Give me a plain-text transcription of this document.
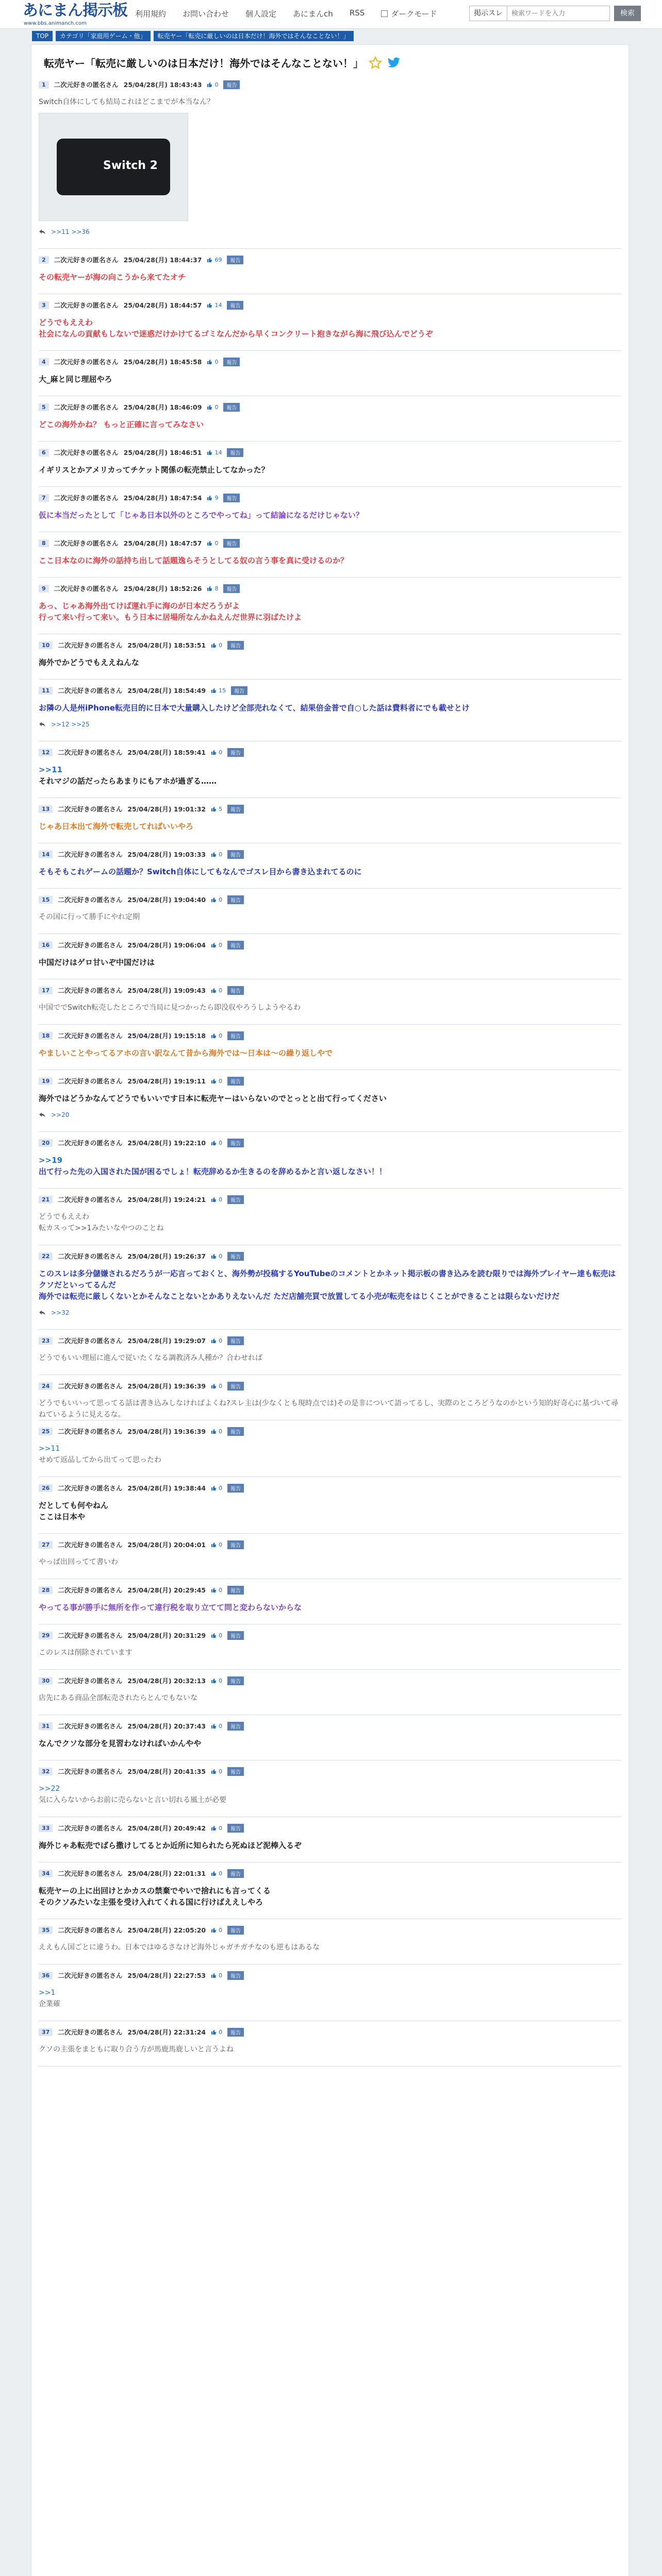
あにまん掲示板
www.bbs.animanch.com
利用規約 お問い合わせ 個人設定 あにまんch RSS	ダークモード	掲示スレ
検索ワードを入力	検索
TOP	カテゴリ「家庭用ゲーム・他」	転売ヤー「転売に厳しいのは日本だけ！海外ではそんなことない！」
転売ヤー「転売に厳しいのは日本だけ！海外ではそんなことない！」
1	二次元好きの匿名さん 25/04/28(月) 18:43:43 0	報告
Switch自体にしても結局これはどこまでが本当なん？
Switch 2
>>11 >>36
2	二次元好きの匿名さん 25/04/28(月) 18:44:37 69	報告
その転売ヤーが海の向こうから来てたオチ
3	二次元好きの匿名さん 25/04/28(月) 18:44:57 14	報告
どうでもええわ
社会になんの貢献もしないで迷惑だけかけてるゴミなんだから早くコンクリート抱きながら海に飛び込んでどうぞ
4	二次元好きの匿名さん 25/04/28(月) 18:45:58 0	報告
大_麻と同じ理屈やろ
5	二次元好きの匿名さん 25/04/28(月) 18:46:09 0	報告
どこの海外かね？ もっと正確に言ってみなさい
6	二次元好きの匿名さん 25/04/28(月) 18:46:51 14	報告
イギリスとかアメリカってチケット関係の転売禁止してなかった？
7	二次元好きの匿名さん 25/04/28(月) 18:47:54 9	報告
仮に本当だったとして「じゃあ日本以外のところでやってね」って結論になるだけじゃない？
8	二次元好きの匿名さん 25/04/28(月) 18:47:57 0	報告
ここ日本なのに海外の話持ち出して話題逸らそうとしてる奴の言う事を真に受けるのか？
9	二次元好きの匿名さん 25/04/28(月) 18:52:26 8	報告
あっ、じゃあ海外出てけば運れ手に海のが日本だろうがよ
行って来い行って来い。もう日本に居場所なんかねえんだ世界に羽ばたけよ
10	二次元好きの匿名さん 25/04/28(月) 18:53:51 0	報告
海外でかどうでもええねんな
11	二次元好きの匿名さん 25/04/28(月) 18:54:49 15	報告
お隣の人是州iPhone転売目的に日本で大量購入したけど全部売れなくて、結果倍金普で自○した話は費料者にでも載せとけ
>>12 >>25
12	二次元好きの匿名さん 25/04/28(月) 18:59:41 0	報告
>>11
それマジの話だったらあまりにもアホが過ぎる……
13	二次元好きの匿名さん 25/04/28(月) 19:01:32 5	報告
じゃあ日本出て海外で転売してればいいやろ
14	二次元好きの匿名さん 25/04/28(月) 19:03:33 0	報告
そもそもこれゲームの話題か？Switch自体にしてもなんでゴスレ目から書き込まれてるのに
15	二次元好きの匿名さん 25/04/28(月) 19:04:40 0	報告
その国に行って勝手にやれ定期
16	二次元好きの匿名さん 25/04/28(月) 19:06:04 0	報告
中国だけはゲロ甘いぞ中国だけは
17	二次元好きの匿名さん 25/04/28(月) 19:09:43 0	報告
中国ででSwitch転売したところで当局に見つかったら即没収やろうしようやるわ
18	二次元好きの匿名さん 25/04/28(月) 19:15:18 0	報告
やましいことやってるアホの言い訳なんて昔から海外では〜日本は〜の繰り返しやで
19	二次元好きの匿名さん 25/04/28(月) 19:19:11 0	報告
海外ではどうかなんてどうでもいいです日本に転売ヤーはいらないのでとっとと出て行ってください
>>20
20	二次元好きの匿名さん 25/04/28(月) 19:22:10 0	報告
>>19
出て行った先の入国された国が困るでしょ！転売辞めるか生きるのを辞めるかと言い返しなさい！！
21	二次元好きの匿名さん 25/04/28(月) 19:24:21 0	報告
どうでもええわ
転カスって>>1みたいなやつのことね
22	二次元好きの匿名さん 25/04/28(月) 19:26:37 0	報告
このスレは多分儲嫌されるだろうが一応言っておくと、海外勢が投稿するYouTubeのコメントとかネット掲示板の書き込みを読む限りでは海外プレイヤー達も転売はクソだといってるんだ
海外では転売に厳しくないとかそんなことないとかありえないんだ ただ店舗売買で放置してる小売が転売をはじくことができることは限らないだけだ
>>32
23	二次元好きの匿名さん 25/04/28(月) 19:29:07 0	報告
どうでもいい理屈に進んで従いたくなる調教済み人種か？合わせれば
24	二次元好きの匿名さん 25/04/28(月) 19:36:39 0	報告
どうでもいいって思ってる話は書き込みしなければよくね?スレ主は(少なくとも現時点では)その是非について語ってるし、実際のところどうなのかという知的好奇心に基づいて尋ねているように見えるな。
25	二次元好きの匿名さん 25/04/28(月) 19:36:39 0	報告
>>11
せめて返品してから出てって思ったわ
26	二次元好きの匿名さん 25/04/28(月) 19:38:44 0	報告
だとしても何やねん
ここは日本や
27	二次元好きの匿名さん 25/04/28(月) 20:04:01 0	報告
やっぱ出回ってて書いわ
28	二次元好きの匿名さん 25/04/28(月) 20:29:45 0	報告
やってる事が勝手に無所を作って違行税を取り立てて問と変わらないからな
29	二次元好きの匿名さん 25/04/28(月) 20:31:29 0	報告
このレスは削除されています
30	二次元好きの匿名さん 25/04/28(月) 20:32:13 0	報告
店先にある商品全部転売されたらとんでもないな
31	二次元好きの匿名さん 25/04/28(月) 20:37:43 0	報告
なんでクソな部分を見習わなければいかんやや
32	二次元好きの匿名さん 25/04/28(月) 20:41:35 0	報告
>>22
気に入らないからお前に売らないと言い切れる風土が必要
33	二次元好きの匿名さん 25/04/28(月) 20:49:42 0	報告
海外じゃあ転売でばら撒けしてるとか近所に知られたら死ぬほど泥棒入るぞ
34	二次元好きの匿名さん 25/04/28(月) 22:01:31 0	報告
転売ヤーの上に出回けとかカスの禁棄でやいで捨れにも言ってくる
そのクソみたいな主張を受け入れてくれる国に行けばええしやろ
35	二次元好きの匿名さん 25/04/28(月) 22:05:20 0	報告
ええもん国ごとに違うわ。日本ではゆるさなけど海外じゃガチガチなのも逆もはあるな
36	二次元好きの匿名さん 25/04/28(月) 22:27:53 0	報告
>>1
企業確
37	二次元好きの匿名さん 25/04/28(月) 22:31:24 0	報告
クソの主張をまともに取り合う方が馬鹿馬鹿しいと言うよね
